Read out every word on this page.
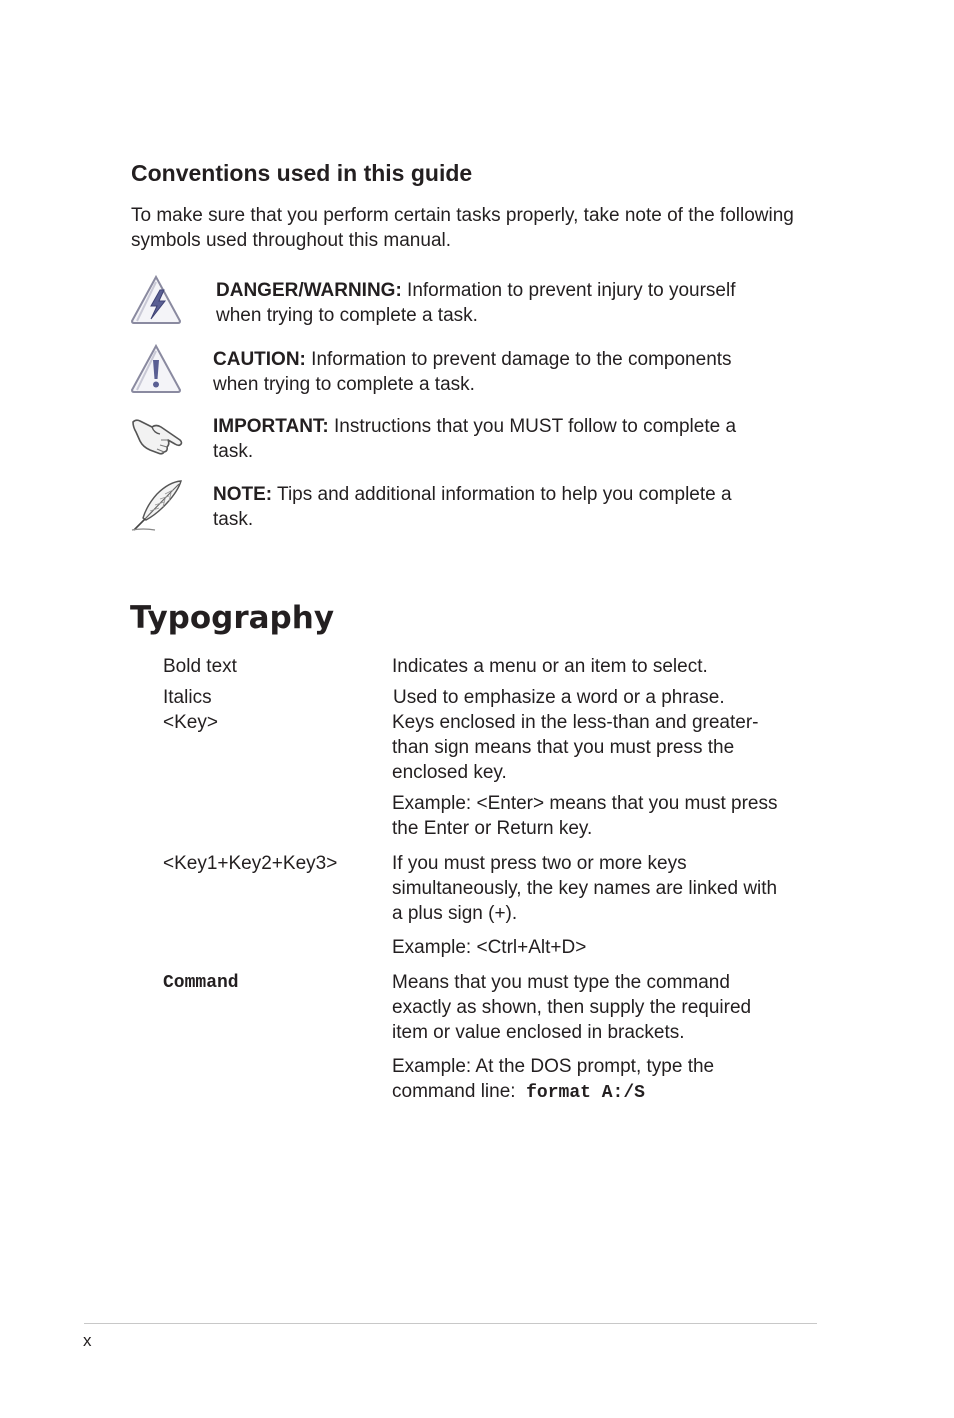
Conventions used in this guide

To make sure that you perform certain tasks properly, take note of the following symbols used throughout this manual.

DANGER/WARNING: Information to prevent injury to yourself
when trying to complete a task.
CAUTION: Information to prevent damage to the components
when trying to complete a task.
IMPORTANT: Instructions that you MUST follow to complete a
task.
NOTE: Tips and additional information to help you complete a
task.
Typography
Bold text	Indicates a menu or an item to select.
Italics	Used to emphasize a word or a phrase.
<Key>	Keys enclosed in the less-than and greater-
than sign means that you must press the
enclosed key.
Example: <Enter> means that you must press
the Enter or Return key.
<Key1+Key2+Key3>	If you must press two or more keys
simultaneously, the key names are linked with
a plus sign (+).
Example: <Ctrl+Alt+D>
Command	Means that you must type the command
exactly as shown, then supply the required
item or value enclosed in brackets.
Example: At the DOS prompt, type the
command line: format A:/S
x
